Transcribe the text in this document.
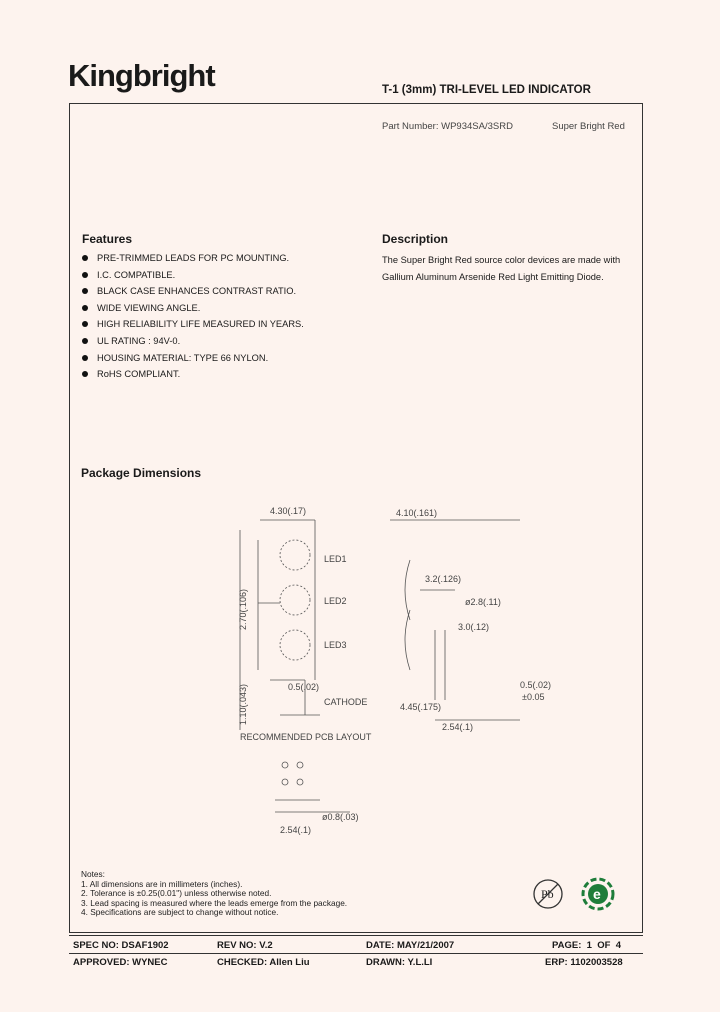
Kingbright	T-1 (3mm) TRI-LEVEL LED INDICATOR
Part Number: WP934SA/3SRD	Super Bright Red
Features
PRE-TRIMMED LEADS FOR PC MOUNTING.
I.C. COMPATIBLE.
BLACK CASE ENHANCES CONTRAST RATIO.
WIDE VIEWING ANGLE.
HIGH RELIABILITY LIFE MEASURED IN YEARS.
UL RATING : 94V-0.
HOUSING MATERIAL: TYPE 66 NYLON.
RoHS COMPLIANT.
Description
The Super Bright Red source color devices are made with Gallium Aluminum Arsenide Red Light Emitting Diode.
Package Dimensions
4.30(.17)
LED1
LED2
LED3
CATHODE
RECOMMENDED PCB LAYOUT
2.70(.106)
1.10(.043)	0.5(.02)
2.54(.1)
ø0.8(.03)
4.10(.161)
3.2(.126)
ø2.8(.11)
3.0(.12)
2.54(.1)
4.45(.175)
0.5(.02)
±0.05
Notes:
1. All dimensions are in millimeters (inches).
2. Tolerance is ±0.25(0.01") unless otherwise noted.
3. Lead spacing is measured where the leads emerge from the package.
4. Specifications are subject to change without notice.
Pb	e
SPEC NO: DSAF1902	REV NO: V.2	DATE: MAY/21/2007	PAGE:  1  OF  4
APPROVED: WYNEC	CHECKED: Allen Liu	DRAWN: Y.L.LI	ERP: 1102003528
